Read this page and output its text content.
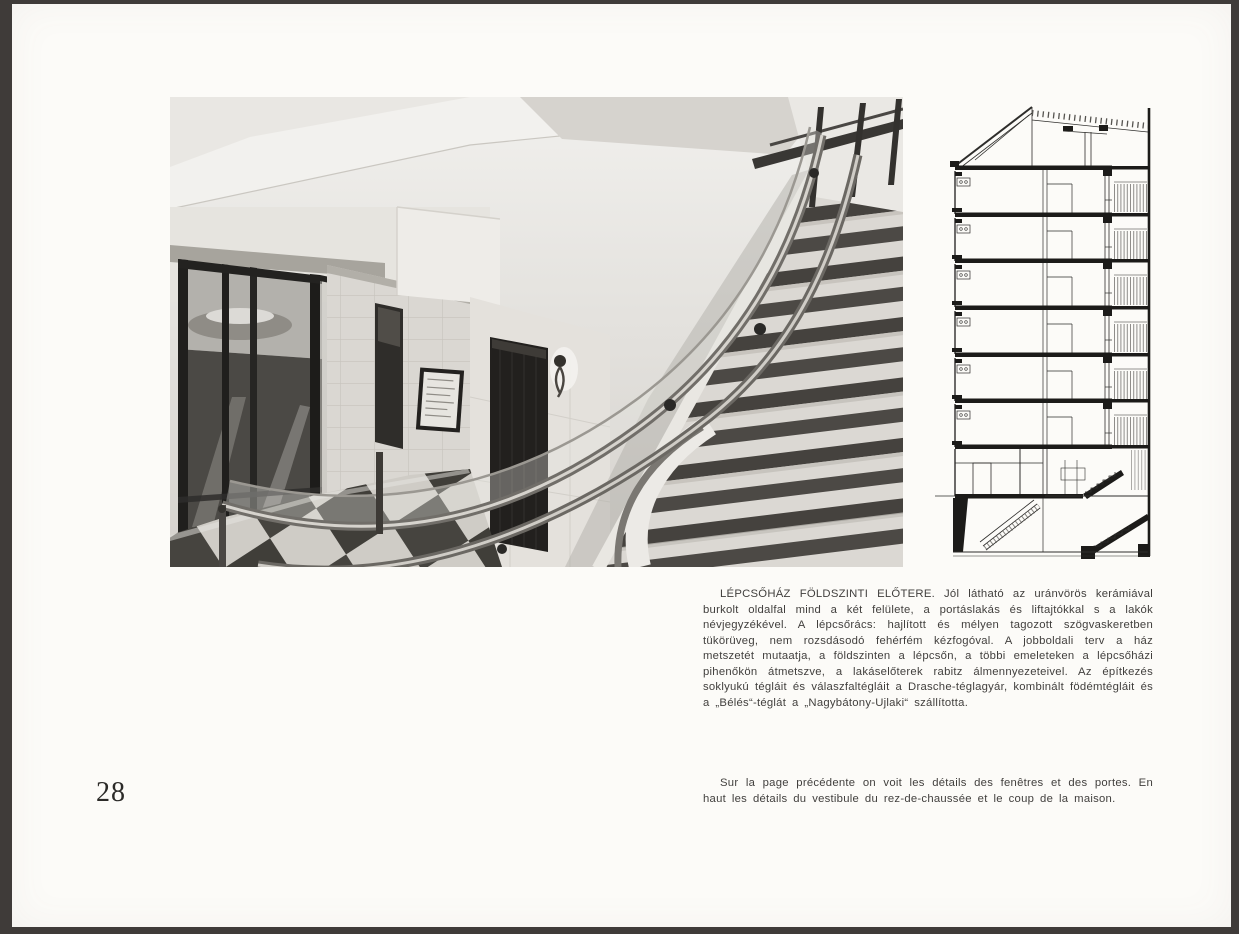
LÉPCSŐHÁZ FÖLDSZINTI ELŐTERE. Jól látható az uránvörös kerámiával burkolt oldalfal mind a két felülete, a portáslakás és liftajtókkal s a lakók névjegyzékével. A lépcsőrács: hajlított és mélyen tagozott szögvaskeretben tükörüveg, nem rozsdásodó fehérfém kézfogóval. A jobboldali terv a ház metszetét mutaatja, a földszinten a lépcsőn, a többi emeleteken a lépcsőházi pihenőkön átmetszve, a lakáselőterek rabitz álmennyezeteivel. Az építkezés soklyukú tégláit és válaszfaltégláit a Drasche-téglagyár, kombinált födémtégláit és a „Bélés“-téglát a „Nagybátony-Ujlaki“ szállította.

Sur la page précédente on voit les détails des fenêtres et des portes. En haut les détails du vestibule du rez-de-chaussée et le coup de la maison.

28
